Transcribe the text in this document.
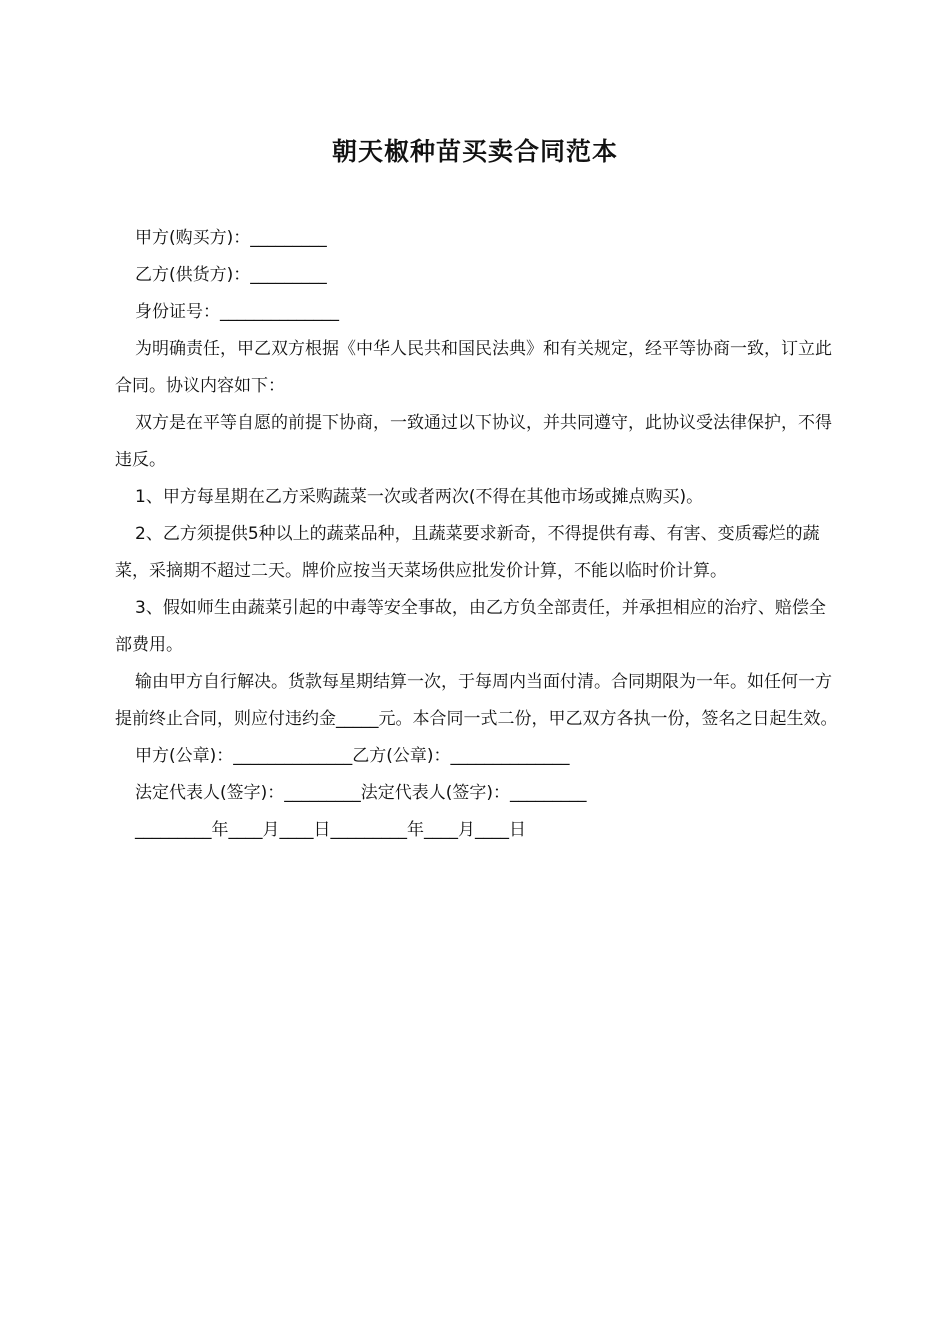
朝天椒种苗买卖合同范本

甲方(购买方)：_________

乙方(供货方)：_________

身份证号：______________

为明确责任，甲乙双方根据《中华人民共和国民法典》和有关规定，经平等协商一致，订立此合同。协议内容如下：

双方是在平等自愿的前提下协商，一致通过以下协议，并共同遵守，此协议受法律保护，不得违反。

1、甲方每星期在乙方采购蔬菜一次或者两次(不得在其他市场或摊点购买)。

2、乙方须提供5种以上的蔬菜品种，且蔬菜要求新奇，不得提供有毒、有害、变质霉烂的蔬菜，采摘期不超过二天。牌价应按当天菜场供应批发价计算，不能以临时价计算。

3、假如师生由蔬菜引起的中毒等安全事故，由乙方负全部责任，并承担相应的治疗、赔偿全部费用。

输由甲方自行解决。货款每星期结算一次，于每周内当面付清。合同期限为一年。如任何一方提前终止合同，则应付违约金_____元。本合同一式二份，甲乙双方各执一份，签名之日起生效。

甲方(公章)：______________乙方(公章)：______________

法定代表人(签字)：_________法定代表人(签字)：_________

_________年____月____日_________年____月____日
